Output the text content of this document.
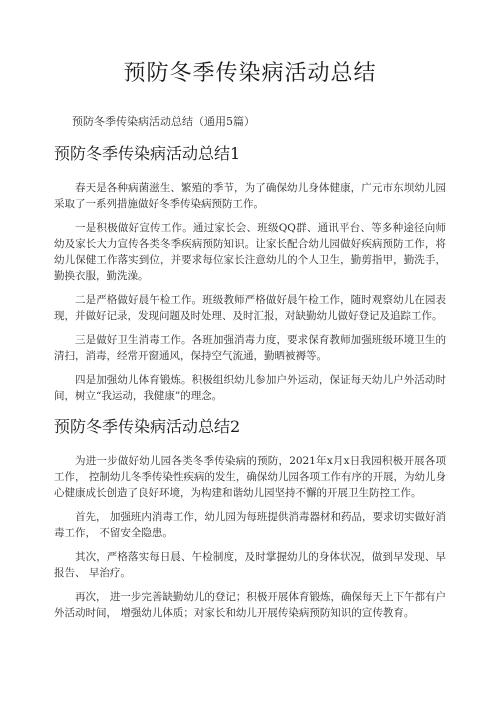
预防冬季传染病活动总结

预防冬季传染病活动总结（通用5篇）

预防冬季传染病活动总结1

春天是各种病菌滋生、繁殖的季节，为了确保幼儿身体健康，广元市东坝幼儿园采取了一系列措施做好冬季传染病预防工作。

一是积极做好宣传工作。通过家长会、班级QQ群、通讯平台、等多种途径向师幼及家长大力宣传各类冬季疾病预防知识。让家长配合幼儿园做好疾病预防工作，将幼儿保健工作落实到位，并要求每位家长注意幼儿的个人卫生，勤剪指甲，勤洗手，勤换衣服，勤洗澡。

二是严格做好晨午检工作。班级教师严格做好晨午检工作，随时观察幼儿在园表现，并做好记录，发现问题及时处理、及时汇报，对缺勤幼儿做好登记及追踪工作。

三是做好卫生消毒工作。各班加强消毒力度，要求保育教师加强班级环境卫生的清扫，消毒，经常开窗通风，保持空气流通，勤晒被褥等。

四是加强幼儿体育锻炼。积极组织幼儿参加户外运动，保证每天幼儿户外活动时间，树立“我运动，我健康”的理念。

预防冬季传染病活动总结2

为进一步做好幼儿园各类冬季传染病的预防，2021年x月x日我园积极开展各项工作， 控制幼儿冬季传染性疾病的发生，确保幼儿园各项工作有序的开展，为幼儿身心健康成长创造了良好环境，为构建和谐幼儿园坚持不懈的开展卫生防控工作。

首先， 加强班内消毒工作，幼儿园为每班提供消毒器材和药品，要求切实做好消毒工作， 不留安全隐患。

其次，严格落实每日晨、午检制度，及时掌握幼儿的身体状况，做到早发现、早报告、 早治疗。

再次， 进一步完善缺勤幼儿的登记；积极开展体育锻炼，确保每天上下午都有户外活动时间， 增强幼儿体质；对家长和幼儿开展传染病预防知识的宣传教育。
